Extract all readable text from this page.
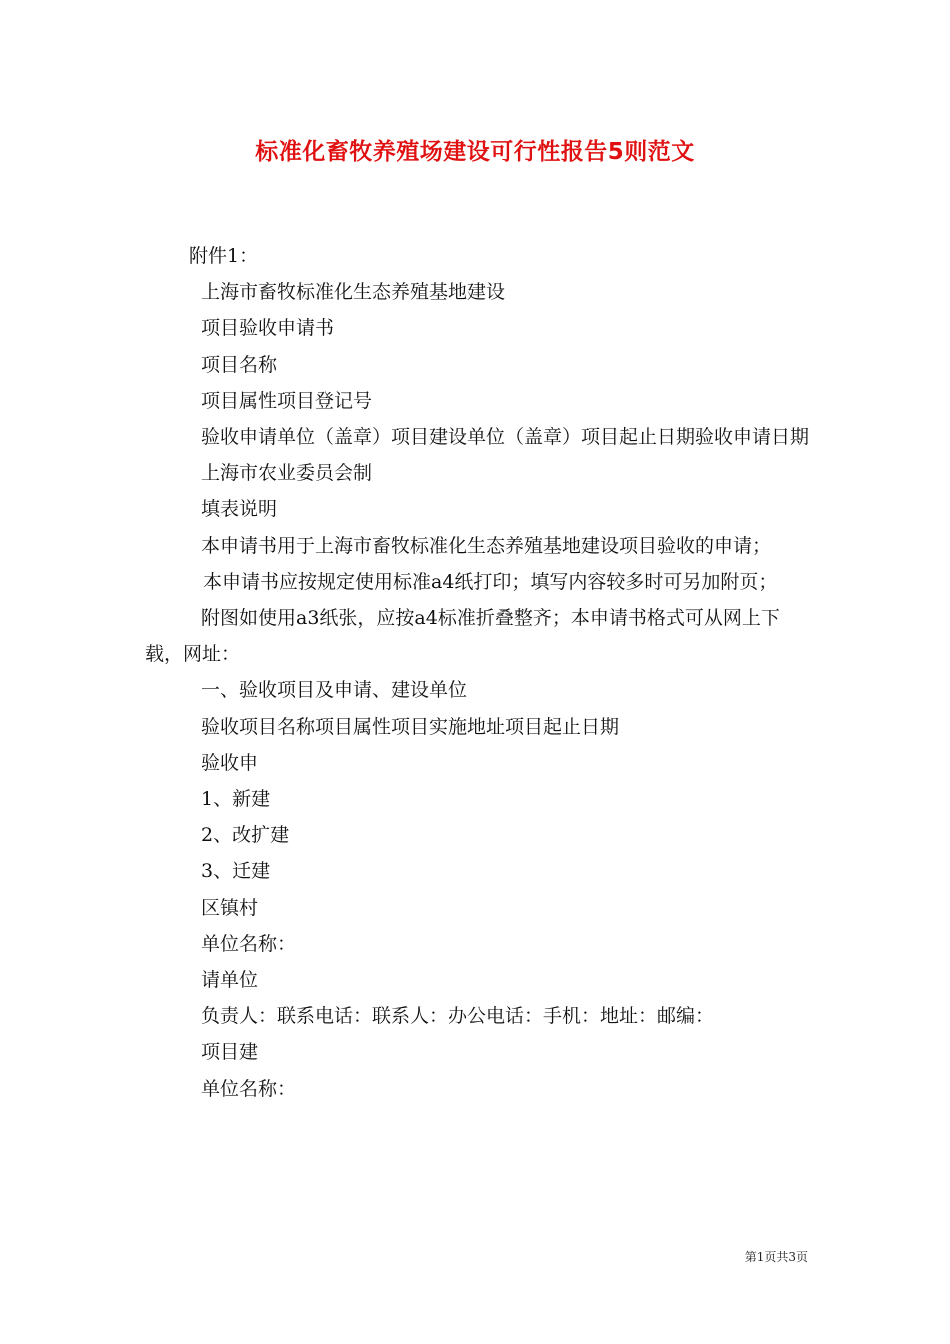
标准化畜牧养殖场建设可行性报告5则范文

附件1：

上海市畜牧标准化生态养殖基地建设

项目验收申请书

项目名称

项目属性项目登记号

验收申请单位（盖章）项目建设单位（盖章）项目起止日期验收申请日期

上海市农业委员会制

填表说明

本申请书用于上海市畜牧标准化生态养殖基地建设项目验收的申请；

本申请书应按规定使用标准a4纸打印；填写内容较多时可另加附页；

附图如使用a3纸张，应按a4标准折叠整齐；本申请书格式可从网上下载，网址：

一、验收项目及申请、建设单位

验收项目名称项目属性项目实施地址项目起止日期

验收申

1、新建

2、改扩建

3、迁建

区镇村

单位名称：

请单位

负责人：联系电话：联系人：办公电话：手机：地址：邮编：

项目建

单位名称：

第1页共3页
